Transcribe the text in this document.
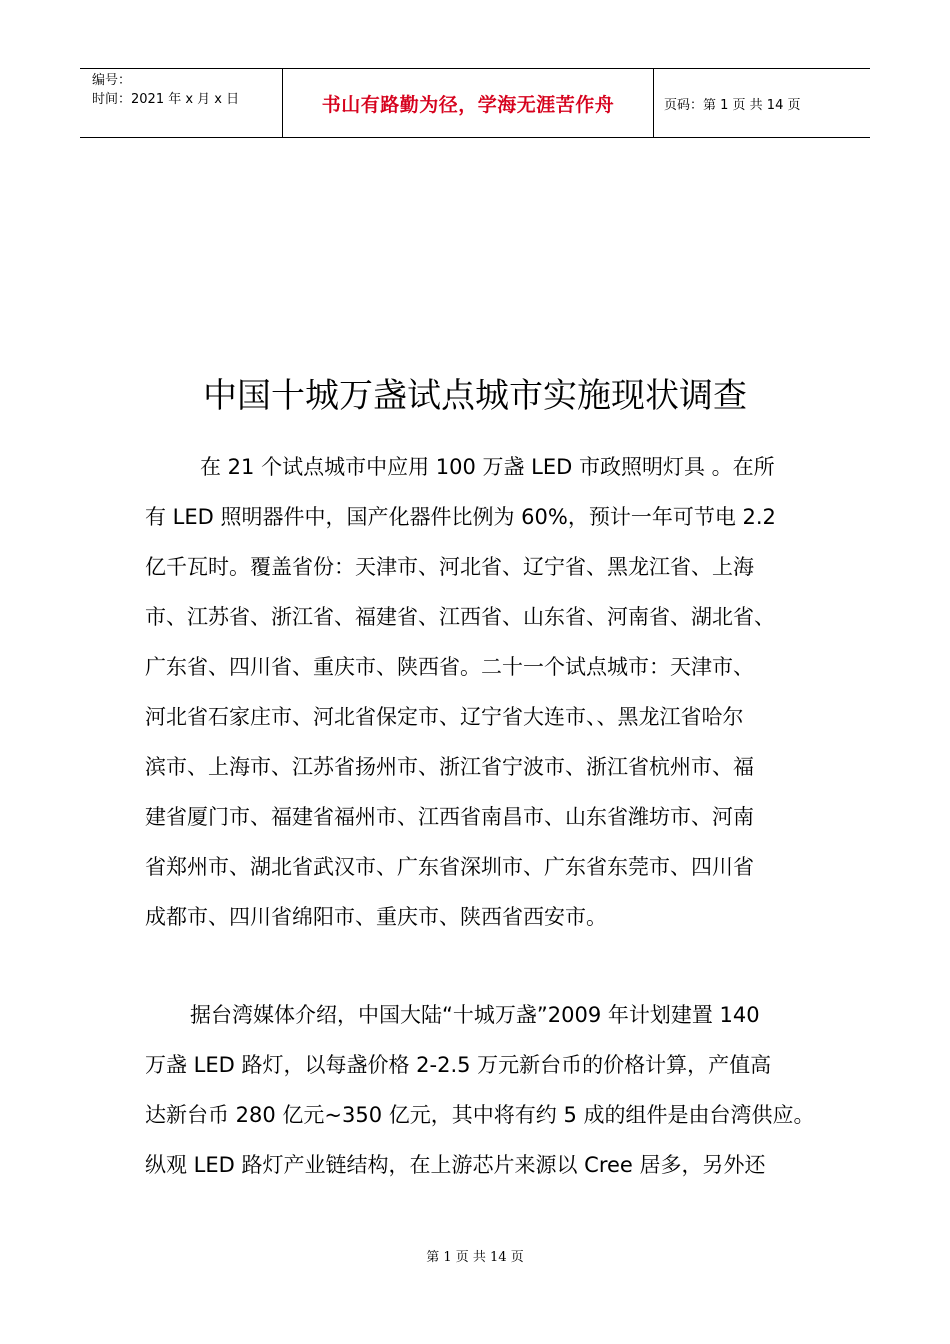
编号：
时间：2021 年 x 月 x 日	书山有路勤为径，学海无涯苦作舟	页码：第 1 页 共 14 页
中国十城万盏试点城市实施现状调查
在 21 个试点城市中应用 100 万盏 LED 市政照明灯具 。在所
有 LED 照明器件中，国产化器件比例为 60%，预计一年可节电 2.2
亿千瓦时。覆盖省份：天津市、河北省、辽宁省、黑龙江省、上海
市、江苏省、浙江省、福建省、江西省、山东省、河南省、湖北省、
广东省、四川省、重庆市、陕西省。二十一个试点城市：天津市、
河北省石家庄市、河北省保定市、辽宁省大连市、、黑龙江省哈尔
滨市、上海市、江苏省扬州市、浙江省宁波市、浙江省杭州市、福
建省厦门市、福建省福州市、江西省南昌市、山东省潍坊市、河南
省郑州市、湖北省武汉市、广东省深圳市、广东省东莞市、四川省
成都市、四川省绵阳市、重庆市、陕西省西安市。
据台湾媒体介绍，中国大陆“十城万盏”2009 年计划建置 140
万盏 LED 路灯，以每盏价格 2-2.5 万元新台币的价格计算，产值高
达新台币 280 亿元~350 亿元，其中将有约 5 成的组件是由台湾供应。
纵观 LED 路灯产业链结构，在上游芯片来源以 Cree 居多，另外还
第 1 页 共 14 页
